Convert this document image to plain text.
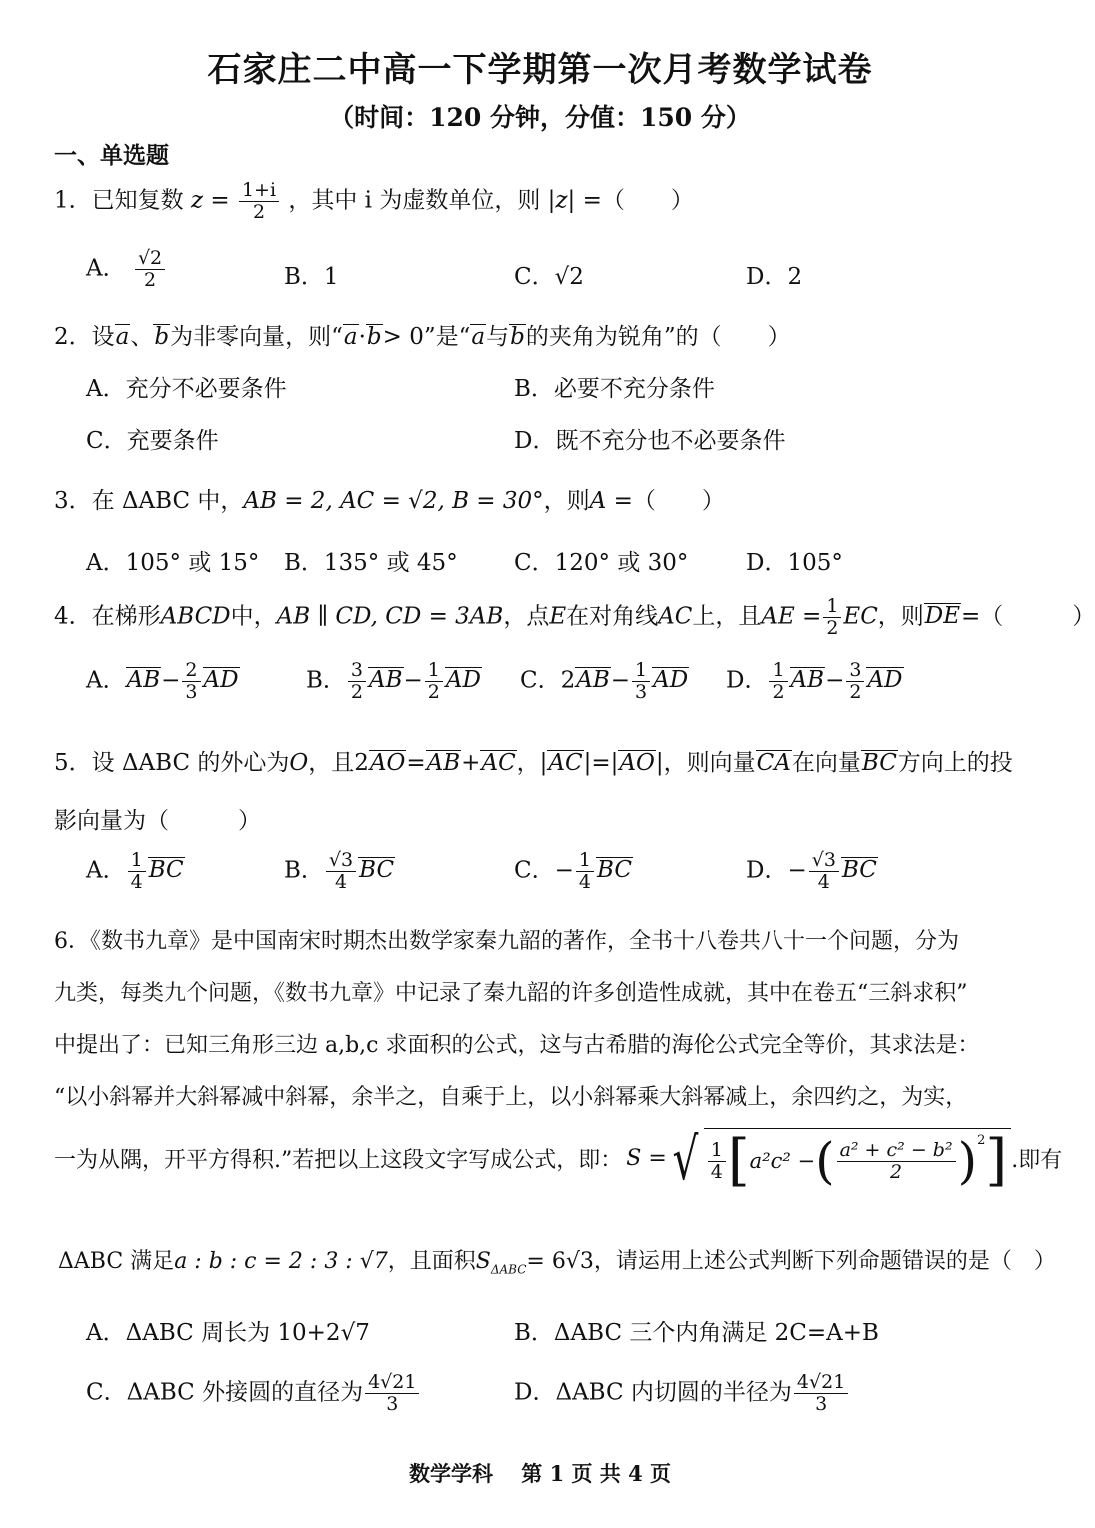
石家庄二中高一下学期第一次月考数学试卷
（时间：120 分钟，分值：150 分）
一、单选题
1．已知复数 $z = \frac{1+i}{2}$ ，其中 i 为虚数单位，则 |z| =（　　）
A． $\frac{√2}{2}$	B．1	C．√2	D．2
2．设a、b为非零向量，则“a·b> 0”是“a与b的夹角为锐角”的（　　）
A．充分不必要条件	B．必要不充分条件
C．充要条件	D．既不充分也不必要条件
3．在 ΔABC 中，AB = 2, AC = √2, B = 30°，则A =（　　）
A．105° 或 15° B．135° 或 45° C．120° 或 30°	D．105°
4．在梯形ABCD中，AB ∥ CD, CD = 3AB，点E在对角线AC上，且AE = $\frac{1}{2}$ EC，则DE=（　　　）
A．$AB- \frac{2}{3}$ AD	B． $\frac{3}{2} AB- \frac{1}{2}$ AD C．$2AB- \frac{1}{3}$ AD D． $\frac{1}{2} AB- \frac{3}{2}$ AD
5．设 ΔABC 的外心为O，且2AO=AB+AC，|AC|=|AO|，则向量CA在向量BC方向上的投
影向量为（　　　）
A． $\frac{1}{4}$ BC	B． $\frac{√3}{4}$ BC	C．− $\frac{1}{4}$ BC	D．− $\frac{√3}{4}$ BC
6．《数书九章》是中国南宋时期杰出数学家秦九韶的著作，全书十八卷共八十一个问题，分为
九类，每类九个问题，《数书九章》中记录了秦九韶的许多创造性成就，其中在卷五“三斜求积”
中提出了：已知三角形三边 a,b,c 求面积的公式，这与古希腊的海伦公式完全等价，其求法是：
“以小斜幂并大斜幂减中斜幂，余半之，自乘于上，以小斜幂乘大斜幂减上，余四约之，为实，
一为从隅，开平方得积.”若把以上这段文字写成公式，即： S = √ $\frac{1}{4}$ [ a²c² − ( $\frac{\text{a² + c² − b²}}{2}$ ) 2 ] .即有
ΔABC 满足a : b : c = 2 : 3 : √7，且面积$S_{\Delta ABC}= 6√3$，请运用上述公式判断下列命题错误的是（　）
A．ΔABC 周长为 10+2√7	B．ΔABC 三个内角满足 2C=A+B
C．ΔABC 外接圆的直径为 $\frac{4√21}{3}$	D．ΔABC 内切圆的半径为 $\frac{4√21}{3}$
数学学科　 第 1 页 共 4 页
